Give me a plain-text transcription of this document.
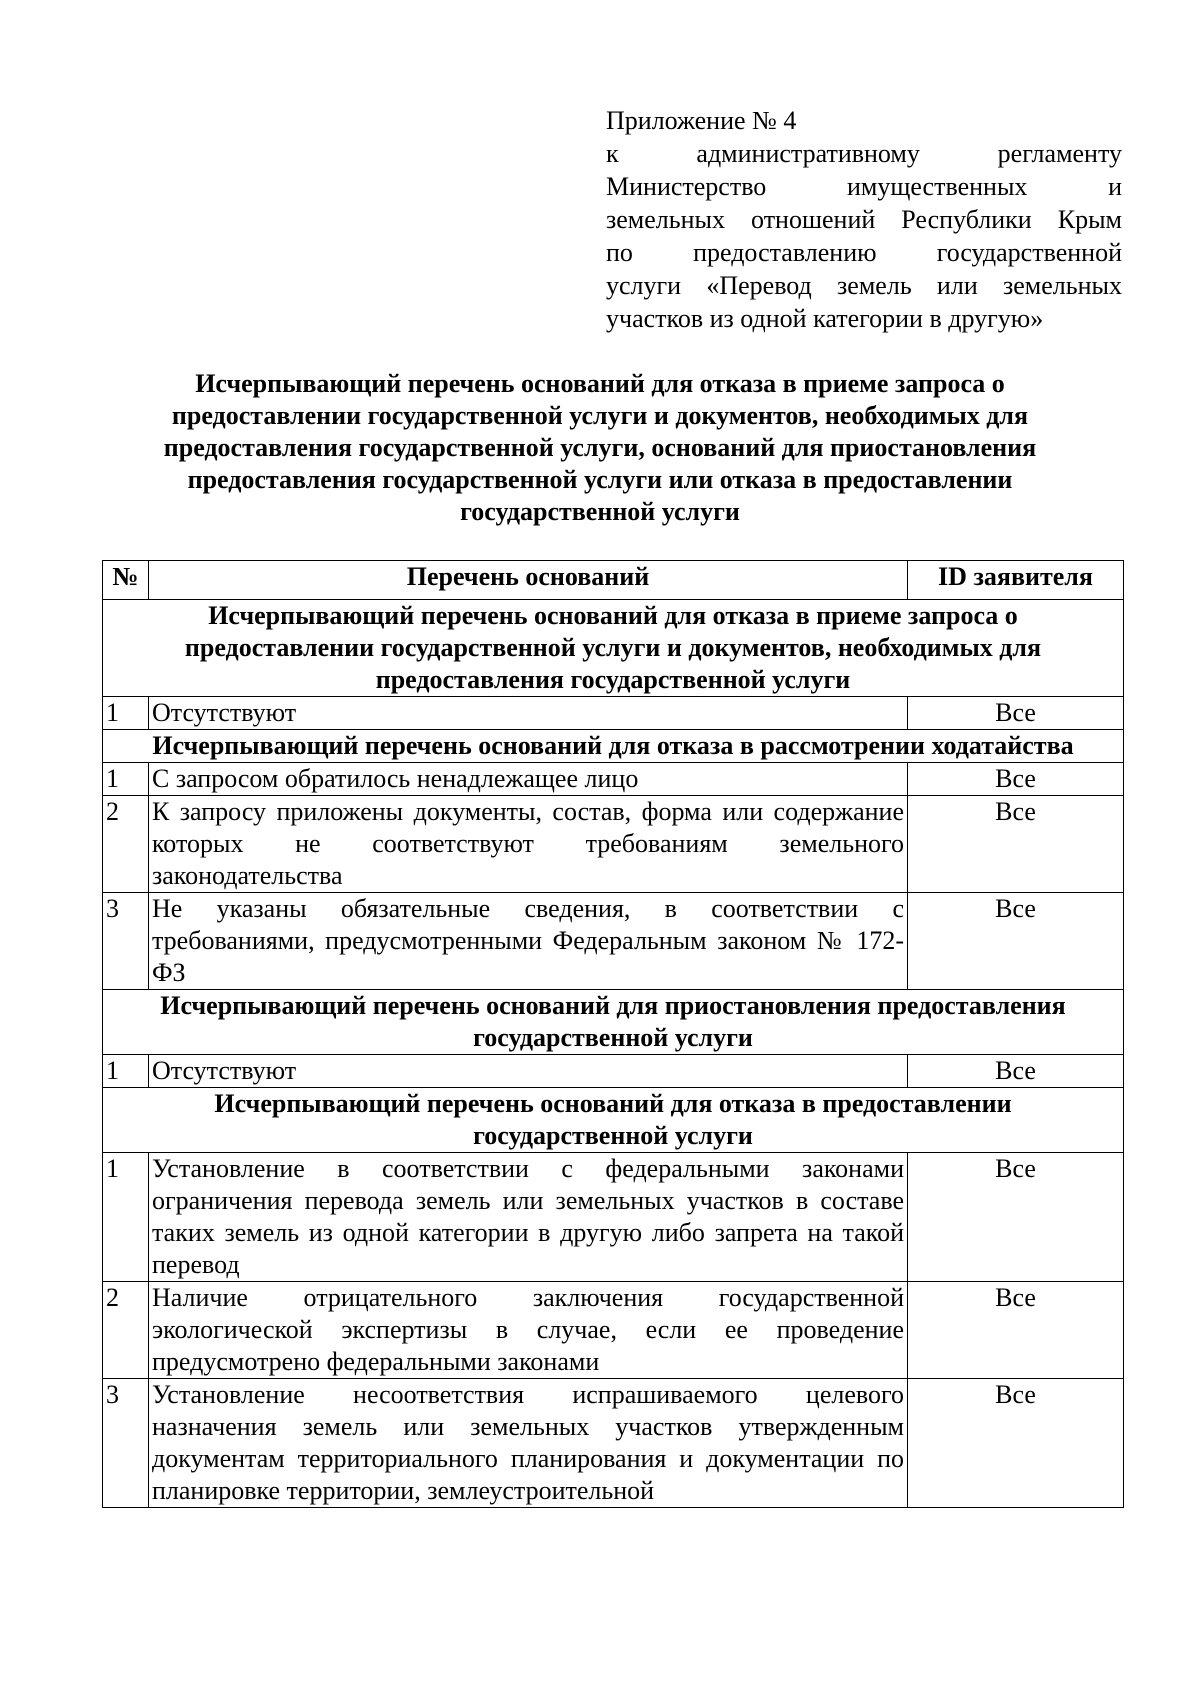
Приложение № 4
к административному регламенту
Министерство имущественных и
земельных отношений Республики Крым
по предоставлению государственной
услуги «Перевод земель или земельных
участков из одной категории в другую»
Исчерпывающий перечень оснований для отказа в приеме запроса о
предоставлении государственной услуги и документов, необходимых для
предоставления государственной услуги, оснований для приостановления
предоставления государственной услуги или отказа в предоставлении
государственной услуги
№	Перечень оснований	ID заявителя

Исчерпывающий перечень оснований для отказа в приеме запроса о
предоставлении государственной услуги и документов, необходимых для
предоставления государственной услуги		

1	Отсутствуют	Все

Исчерпывающий перечень оснований для отказа в рассмотрении ходатайства		

1	С запросом обратилось ненадлежащее лицо	Все
2	К запросу приложены документы, состав, форма или содержание которых не соответствуют требованиям земельного законодательства	Все
3	Не указаны обязательные сведения, в соответствии с требованиями, предусмотренными Федеральным законом № 172-ФЗ	Все

Исчерпывающий перечень оснований для приостановления предоставления
государственной услуги		

1	Отсутствуют	Все

Исчерпывающий перечень оснований для отказа в предоставлении
государственной услуги		

1	Установление в соответствии с федеральными законами ограничения перевода земель или земельных участков в составе таких земель из одной категории в другую либо запрета на такой перевод	Все
2	Наличие отрицательного заключения государственной экологической экспертизы в случае, если ее проведение предусмотрено федеральными законами	Все
3	Установление несоответствия испрашиваемого целевого назначения земель или земельных участков утвержденным документам территориального планирования и документации по планировке территории, землеустроительной	Все
